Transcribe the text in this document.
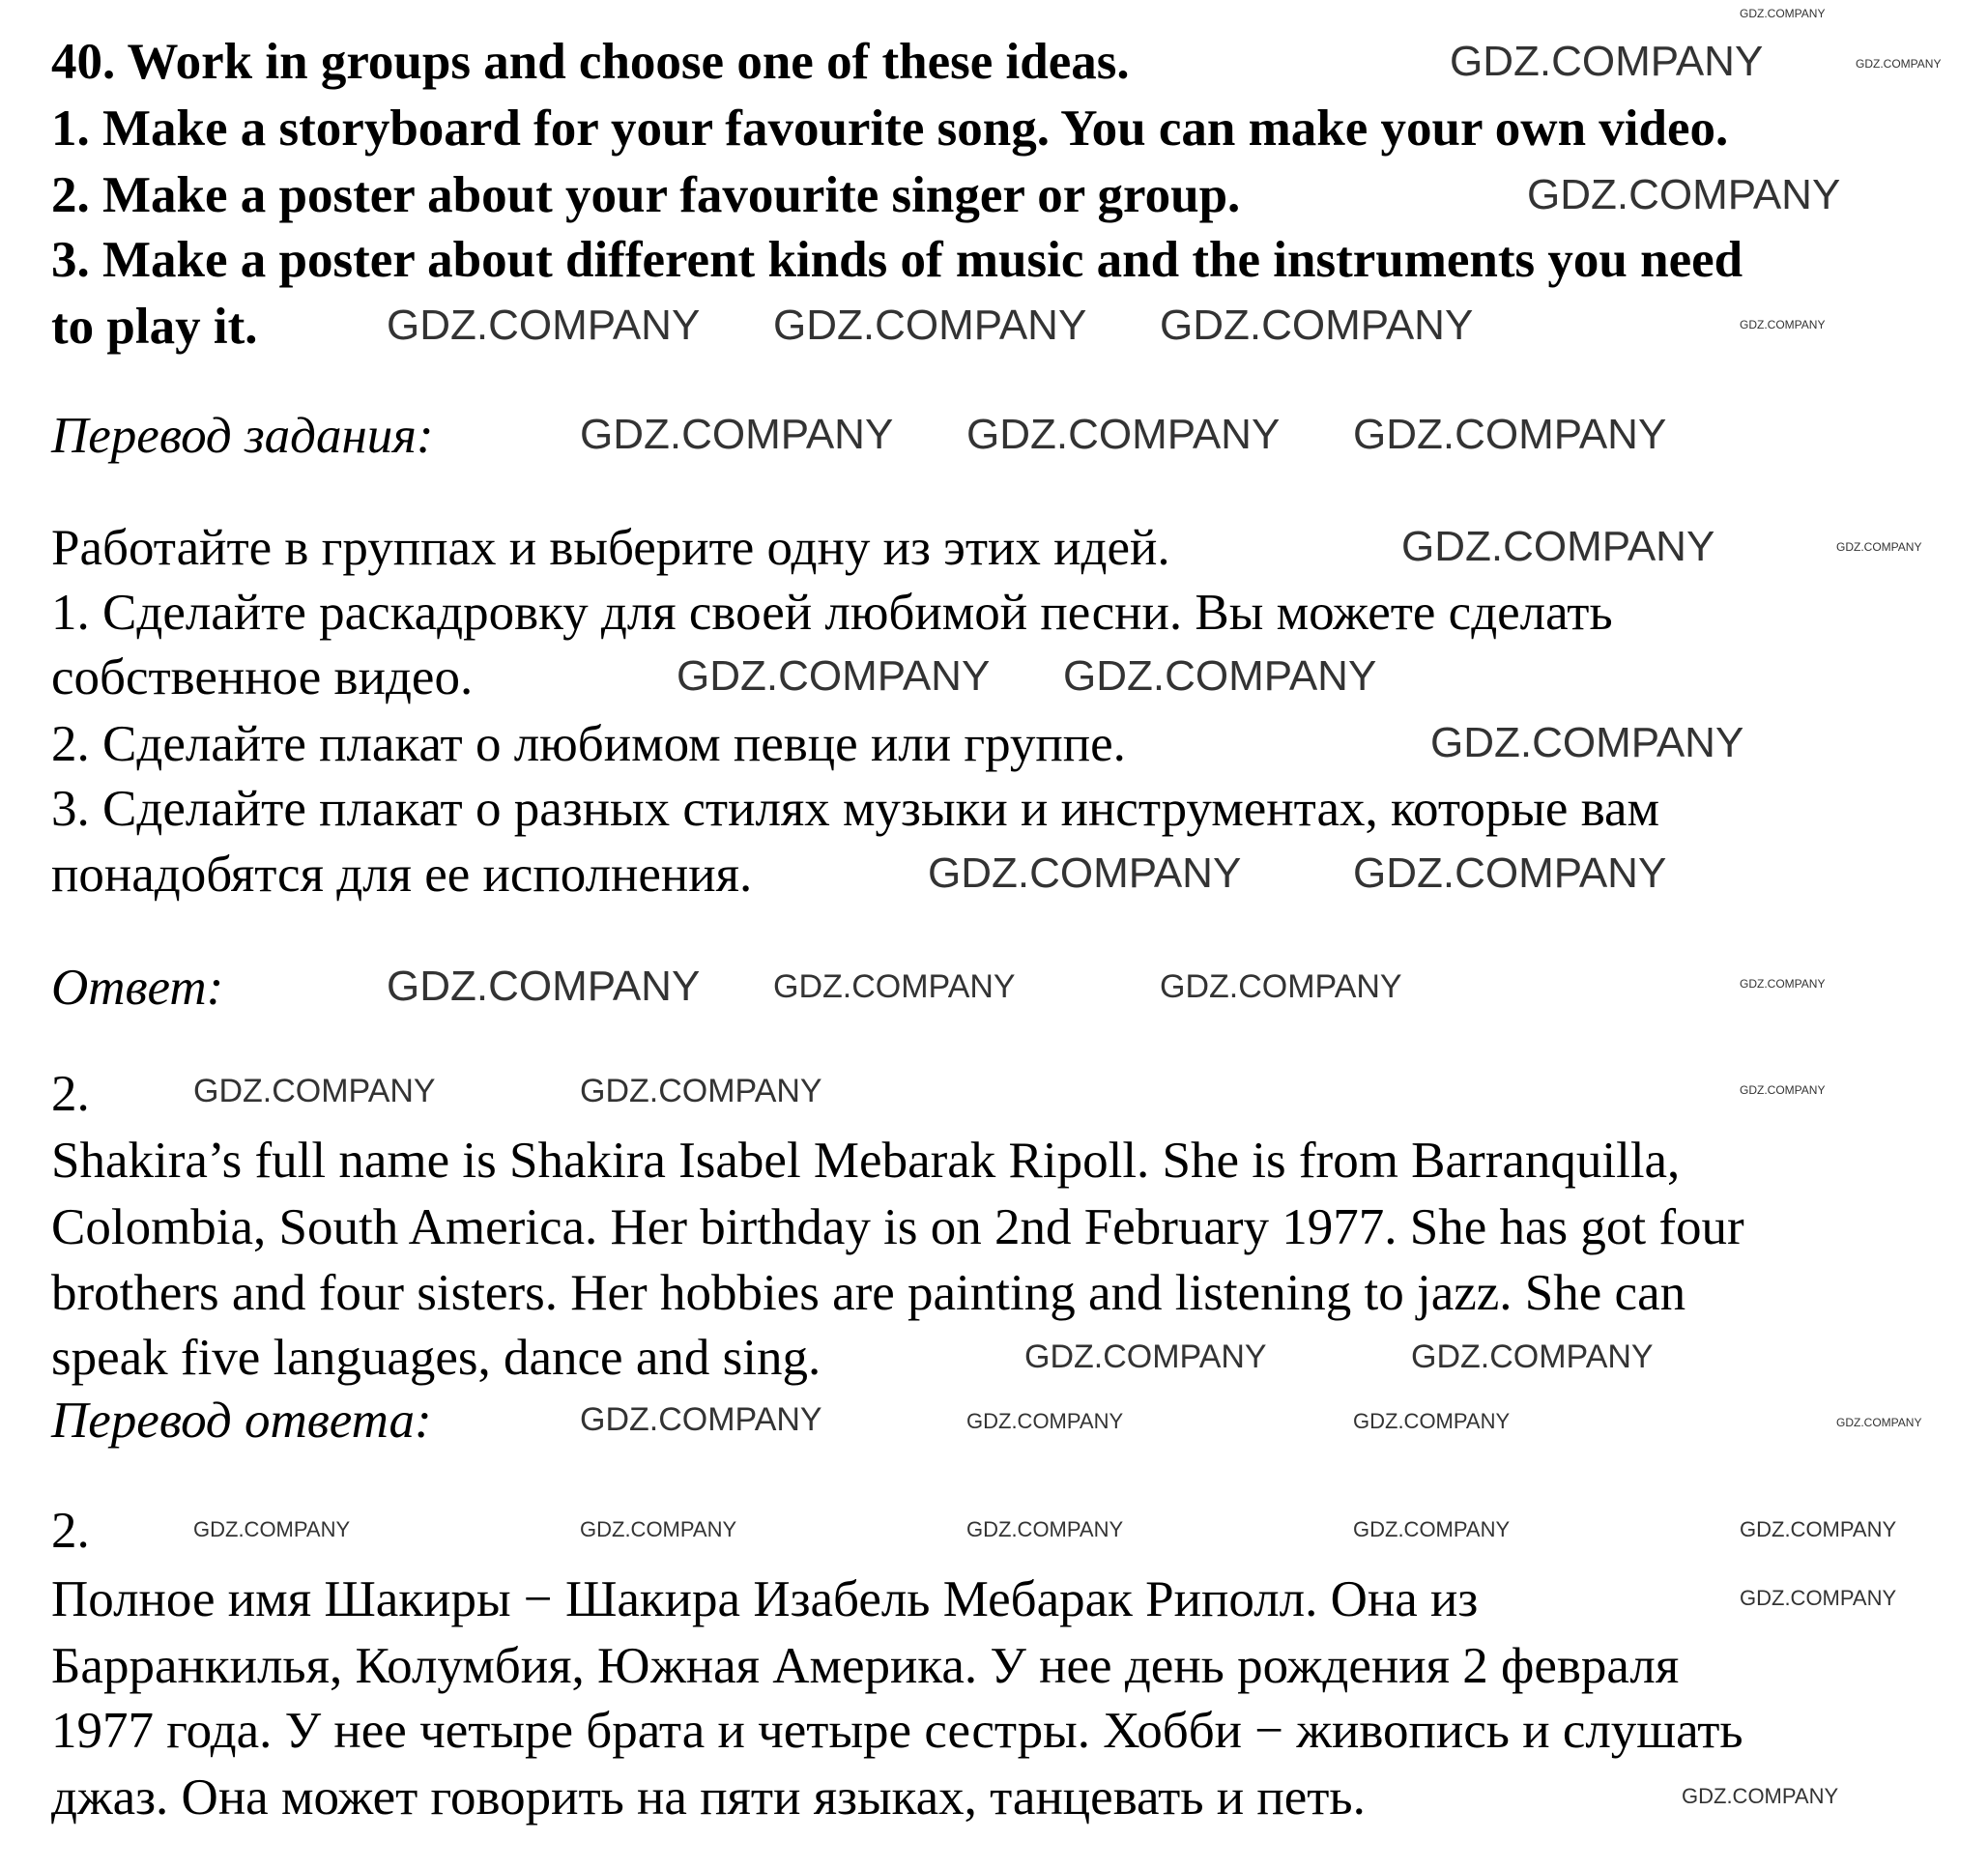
40. Work in groups and choose one of these ideas.
1. Make a storyboard for your favourite song. You can make your own video.
2. Make a poster about your favourite singer or group.
3. Make a poster about different kinds of music and the instruments you need
to play it.
Перевод задания:
Работайте в группах и выберите одну из этих идей.
1. Сделайте раскадровку для своей любимой песни. Вы можете сделать
собственное видео.
2. Сделайте плакат о любимом певце или группе.
3. Сделайте плакат о разных стилях музыки и инструментах, которые вам
понадобятся для ее исполнения.
Ответ:
2.
Shakira’s full name is Shakira Isabel Mebarak Ripoll. She is from Barranquilla,
Colombia, South America. Her birthday is on 2nd February 1977. She has got four
brothers and four sisters. Her hobbies are painting and listening to jazz. She can
speak five languages, dance and sing.
Перевод ответа:
2.
Полное имя Шакиры − Шакира Изабель Мебарак Риполл. Она из
Барранкилья, Колумбия, Южная Америка. У нее день рождения 2 февраля
1977 года. У нее четыре брата и четыре сестры. Хобби − живопись и слушать
джаз. Она может говорить на пяти языках, танцевать и петь.
GDZ.COMPANY
GDZ.COMPANY
GDZ.COMPANY GDZ.COMPANY GDZ.COMPANY
GDZ.COMPANY GDZ.COMPANY GDZ.COMPANY
GDZ.COMPANY
GDZ.COMPANY GDZ.COMPANY
GDZ.COMPANY
GDZ.COMPANY	GDZ.COMPANY
GDZ.COMPANY GDZ.COMPANY	GDZ.COMPANY
GDZ.COMPANY	GDZ.COMPANY
GDZ.COMPANY	GDZ.COMPANY
GDZ.COMPANY	GDZ.COMPANY	GDZ.COMPANY
GDZ.COMPANY	GDZ.COMPANY	GDZ.COMPANY	GDZ.COMPANY	GDZ.COMPANY
GDZ.COMPANY
GDZ.COMPANY
GDZ.COMPANY
GDZ.COMPANY
GDZ.COMPANY
GDZ.COMPANY
GDZ.COMPANY
GDZ.COMPANY
GDZ.COMPANY
